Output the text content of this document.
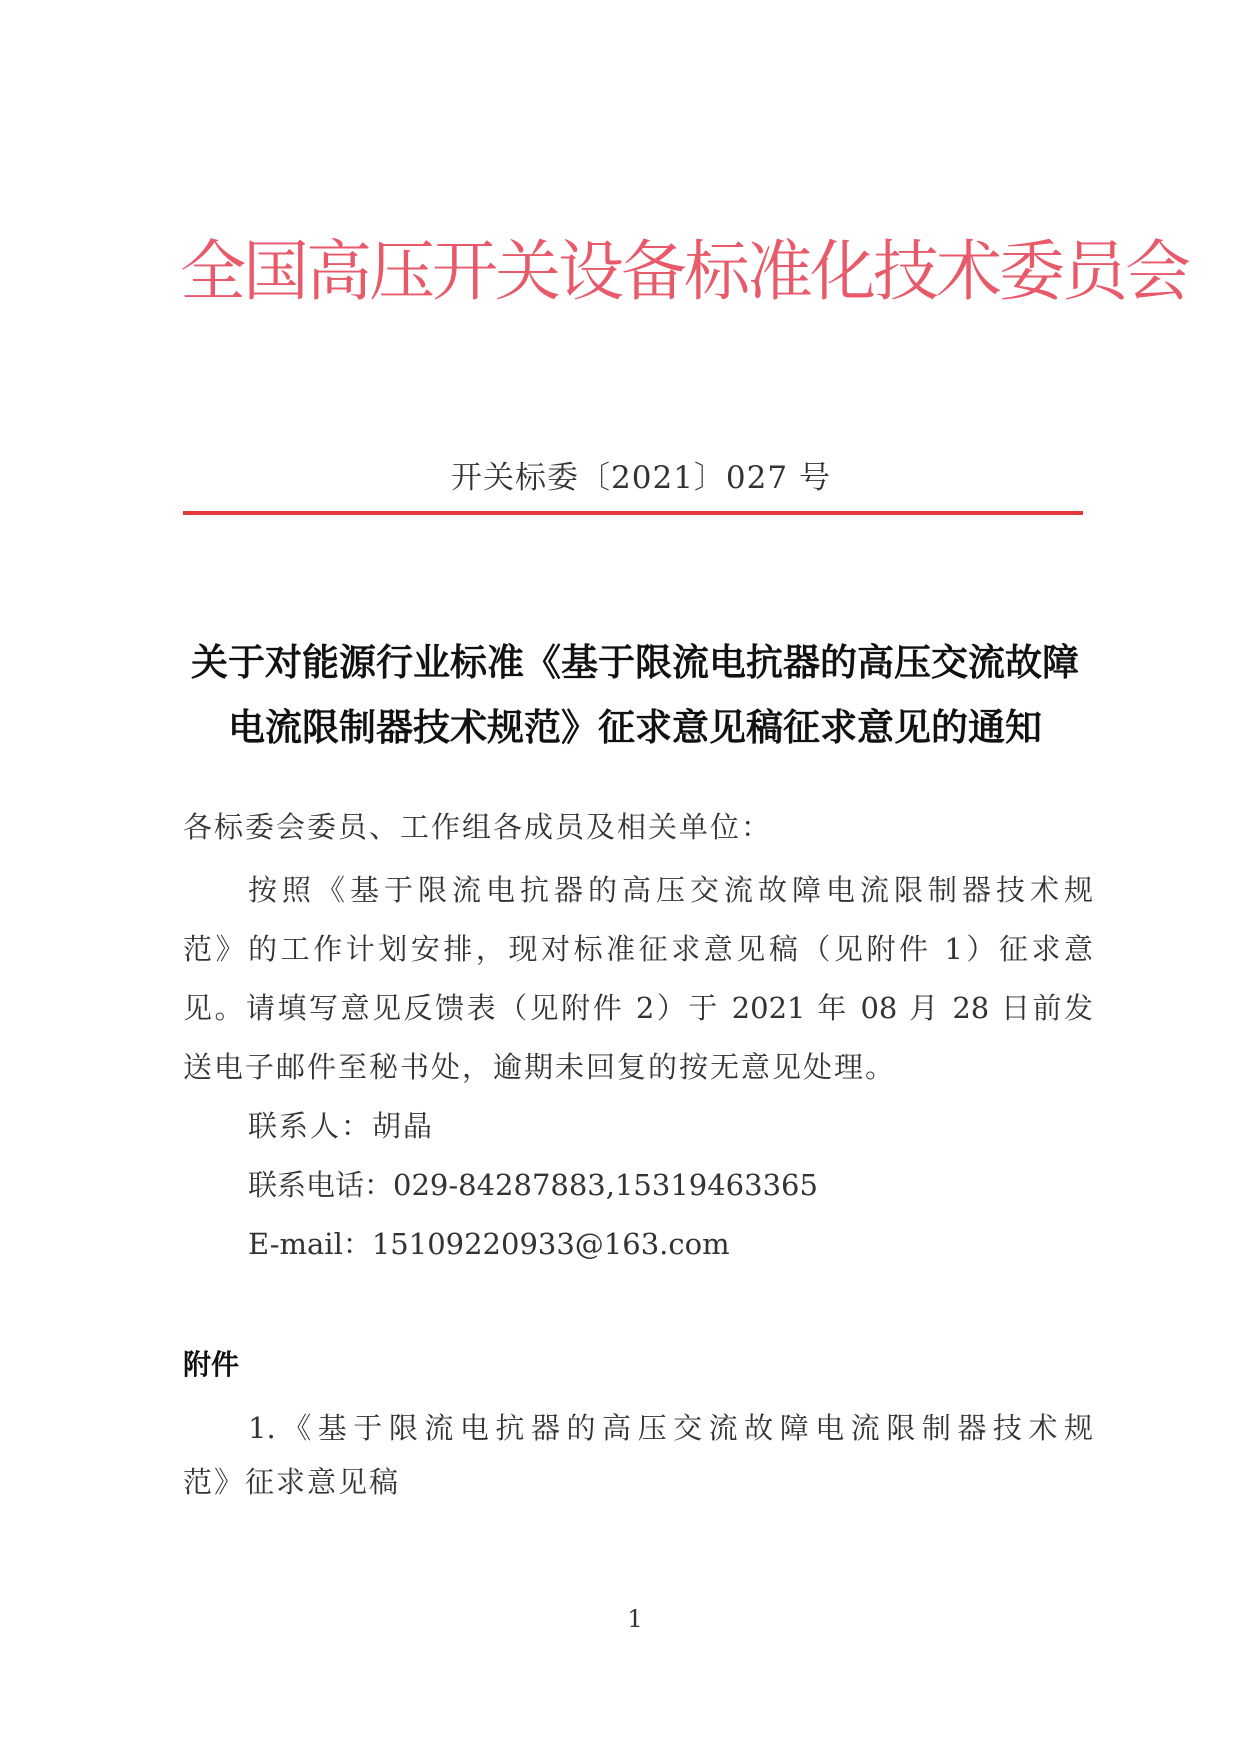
全国高压开关设备标准化技术委员会
开关标委〔2021〕027 号
关于对能源行业标准《基于限流电抗器的高压交流故障
电流限制器技术规范》征求意见稿征求意见的通知
各标委会委员、工作组各成员及相关单位：
按照《基于限流电抗器的高压交流故障电流限制器技术规
范》的工作计划安排，现对标准征求意见稿（见附件 1）征求意
见。请填写意见反馈表（见附件 2）于 2021 年 08 月 28 日前发
送电子邮件至秘书处，逾期未回复的按无意见处理。
联系人：胡晶
联系电话：029-84287883,15319463365
E-mail：15109220933@163.com
附件
1.《基于限流电抗器的高压交流故障电流限制器技术规
范》征求意见稿
1
